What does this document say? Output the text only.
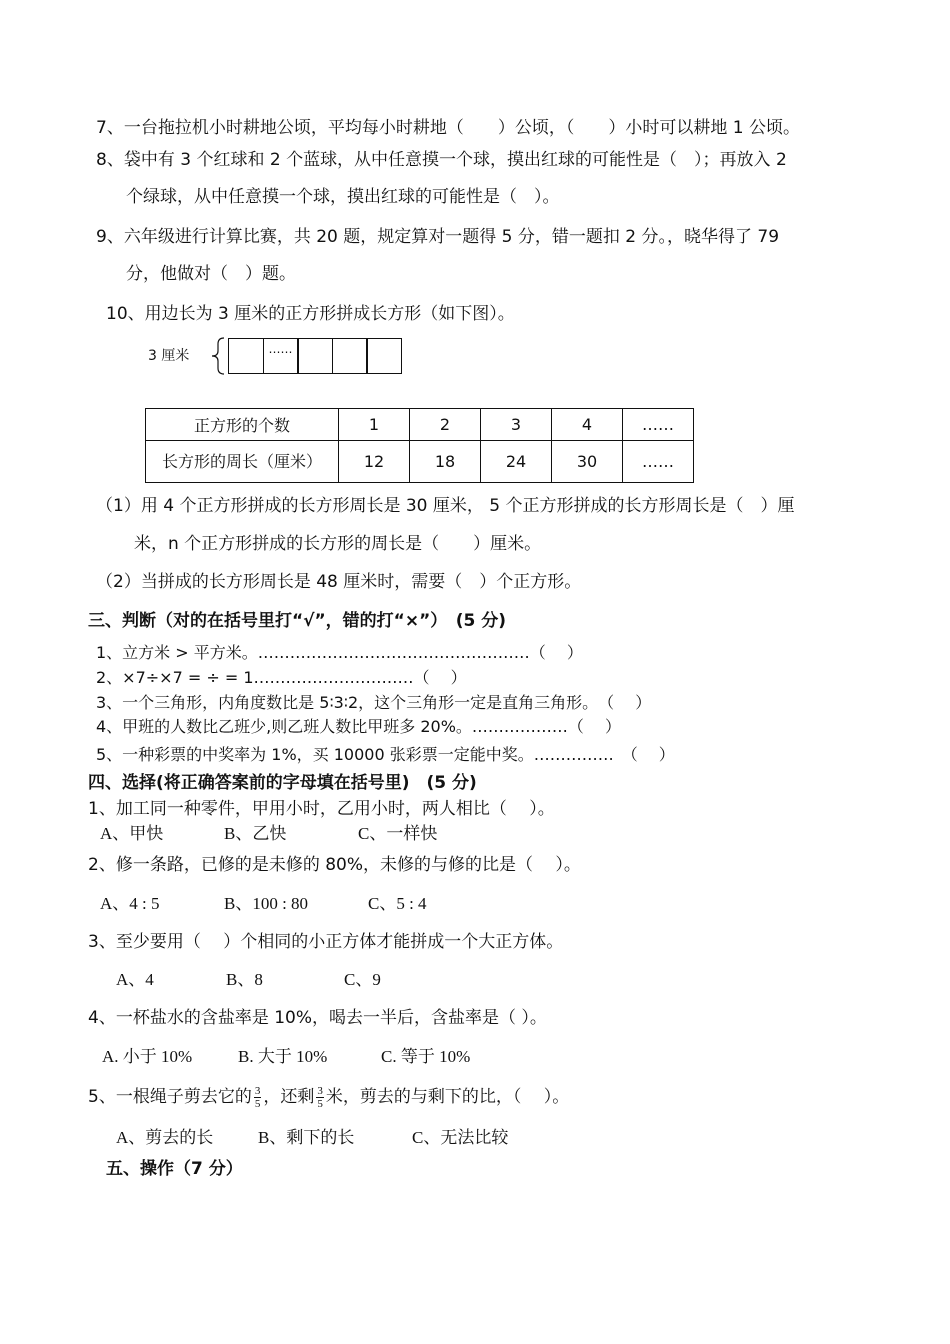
7、一台拖拉机小时耕地公顷，平均每小时耕地（　　）公顷，（　　）小时可以耕地 1 公顷。
8、袋中有 3 个红球和 2 个蓝球，从中任意摸一个球，摸出红球的可能性是（　）；再放入 2
个绿球，从中任意摸一个球，摸出红球的可能性是（　）。
9、六年级进行计算比赛，共 20 题，规定算对一题得 5 分，错一题扣 2 分。，晓华得了 79
分，他做对（　）题。
10、用边长为 3 厘米的正方形拼成长方形（如下图）。
3 厘米	……
正方形的个数	1	2	3	4	……
长方形的周长（厘米）	12	18	24	30	……
（1）用 4 个正方形拼成的长方形周长是 30 厘米， 5 个正方形拼成的长方形周长是（　）厘
米，n 个正方形拼成的长方形的周长是（　　）厘米。
（2）当拼成的长方形周长是 48 厘米时，需要（　）个正方形。
三、判断（对的在括号里打“√”，错的打“×”）　(5 分)
1、立方米 > 平方米。……………………………………………（　 ）
2、×7÷×7 = ÷ = 1…………………………（　 ）
3、一个三角形，内角度数比是 5∶3∶2，这个三角形一定是直角三角形。　（　 ）
4、甲班的人数比乙班少,则乙班人数比甲班多 20%。………………（　 ）
5、一种彩票的中奖率为 1%，买 10000 张彩票一定能中奖。……………　（　 ）
四、选择(将正确答案前的字母填在括号里)　(5 分)
1、加工同一种零件，甲用小时，乙用小时，两人相比（　 ）。
A、甲快	B、乙快	C、一样快
2、修一条路，已修的是未修的 80%，未修的与修的比是（　 ）。
A、4 : 5	B、100 : 80	C、5 : 4
3、至少要用（　 ）个相同的小正方体才能拼成一个大正方体。
A、4	B、8	C、9
4、一杯盐水的含盐率是 10%，喝去一半后，含盐率是（ ）。
A. 小于 10%	B. 大于 10%	C. 等于 10%
5、一根绳子剪去它的 $\frac{3}{5}$ ，还剩 $\frac{3}{5}$ 米，剪去的与剩下的比，（　 ）。
A、剪去的长	B、剩下的长	C、无法比较
五、操作（7 分）
